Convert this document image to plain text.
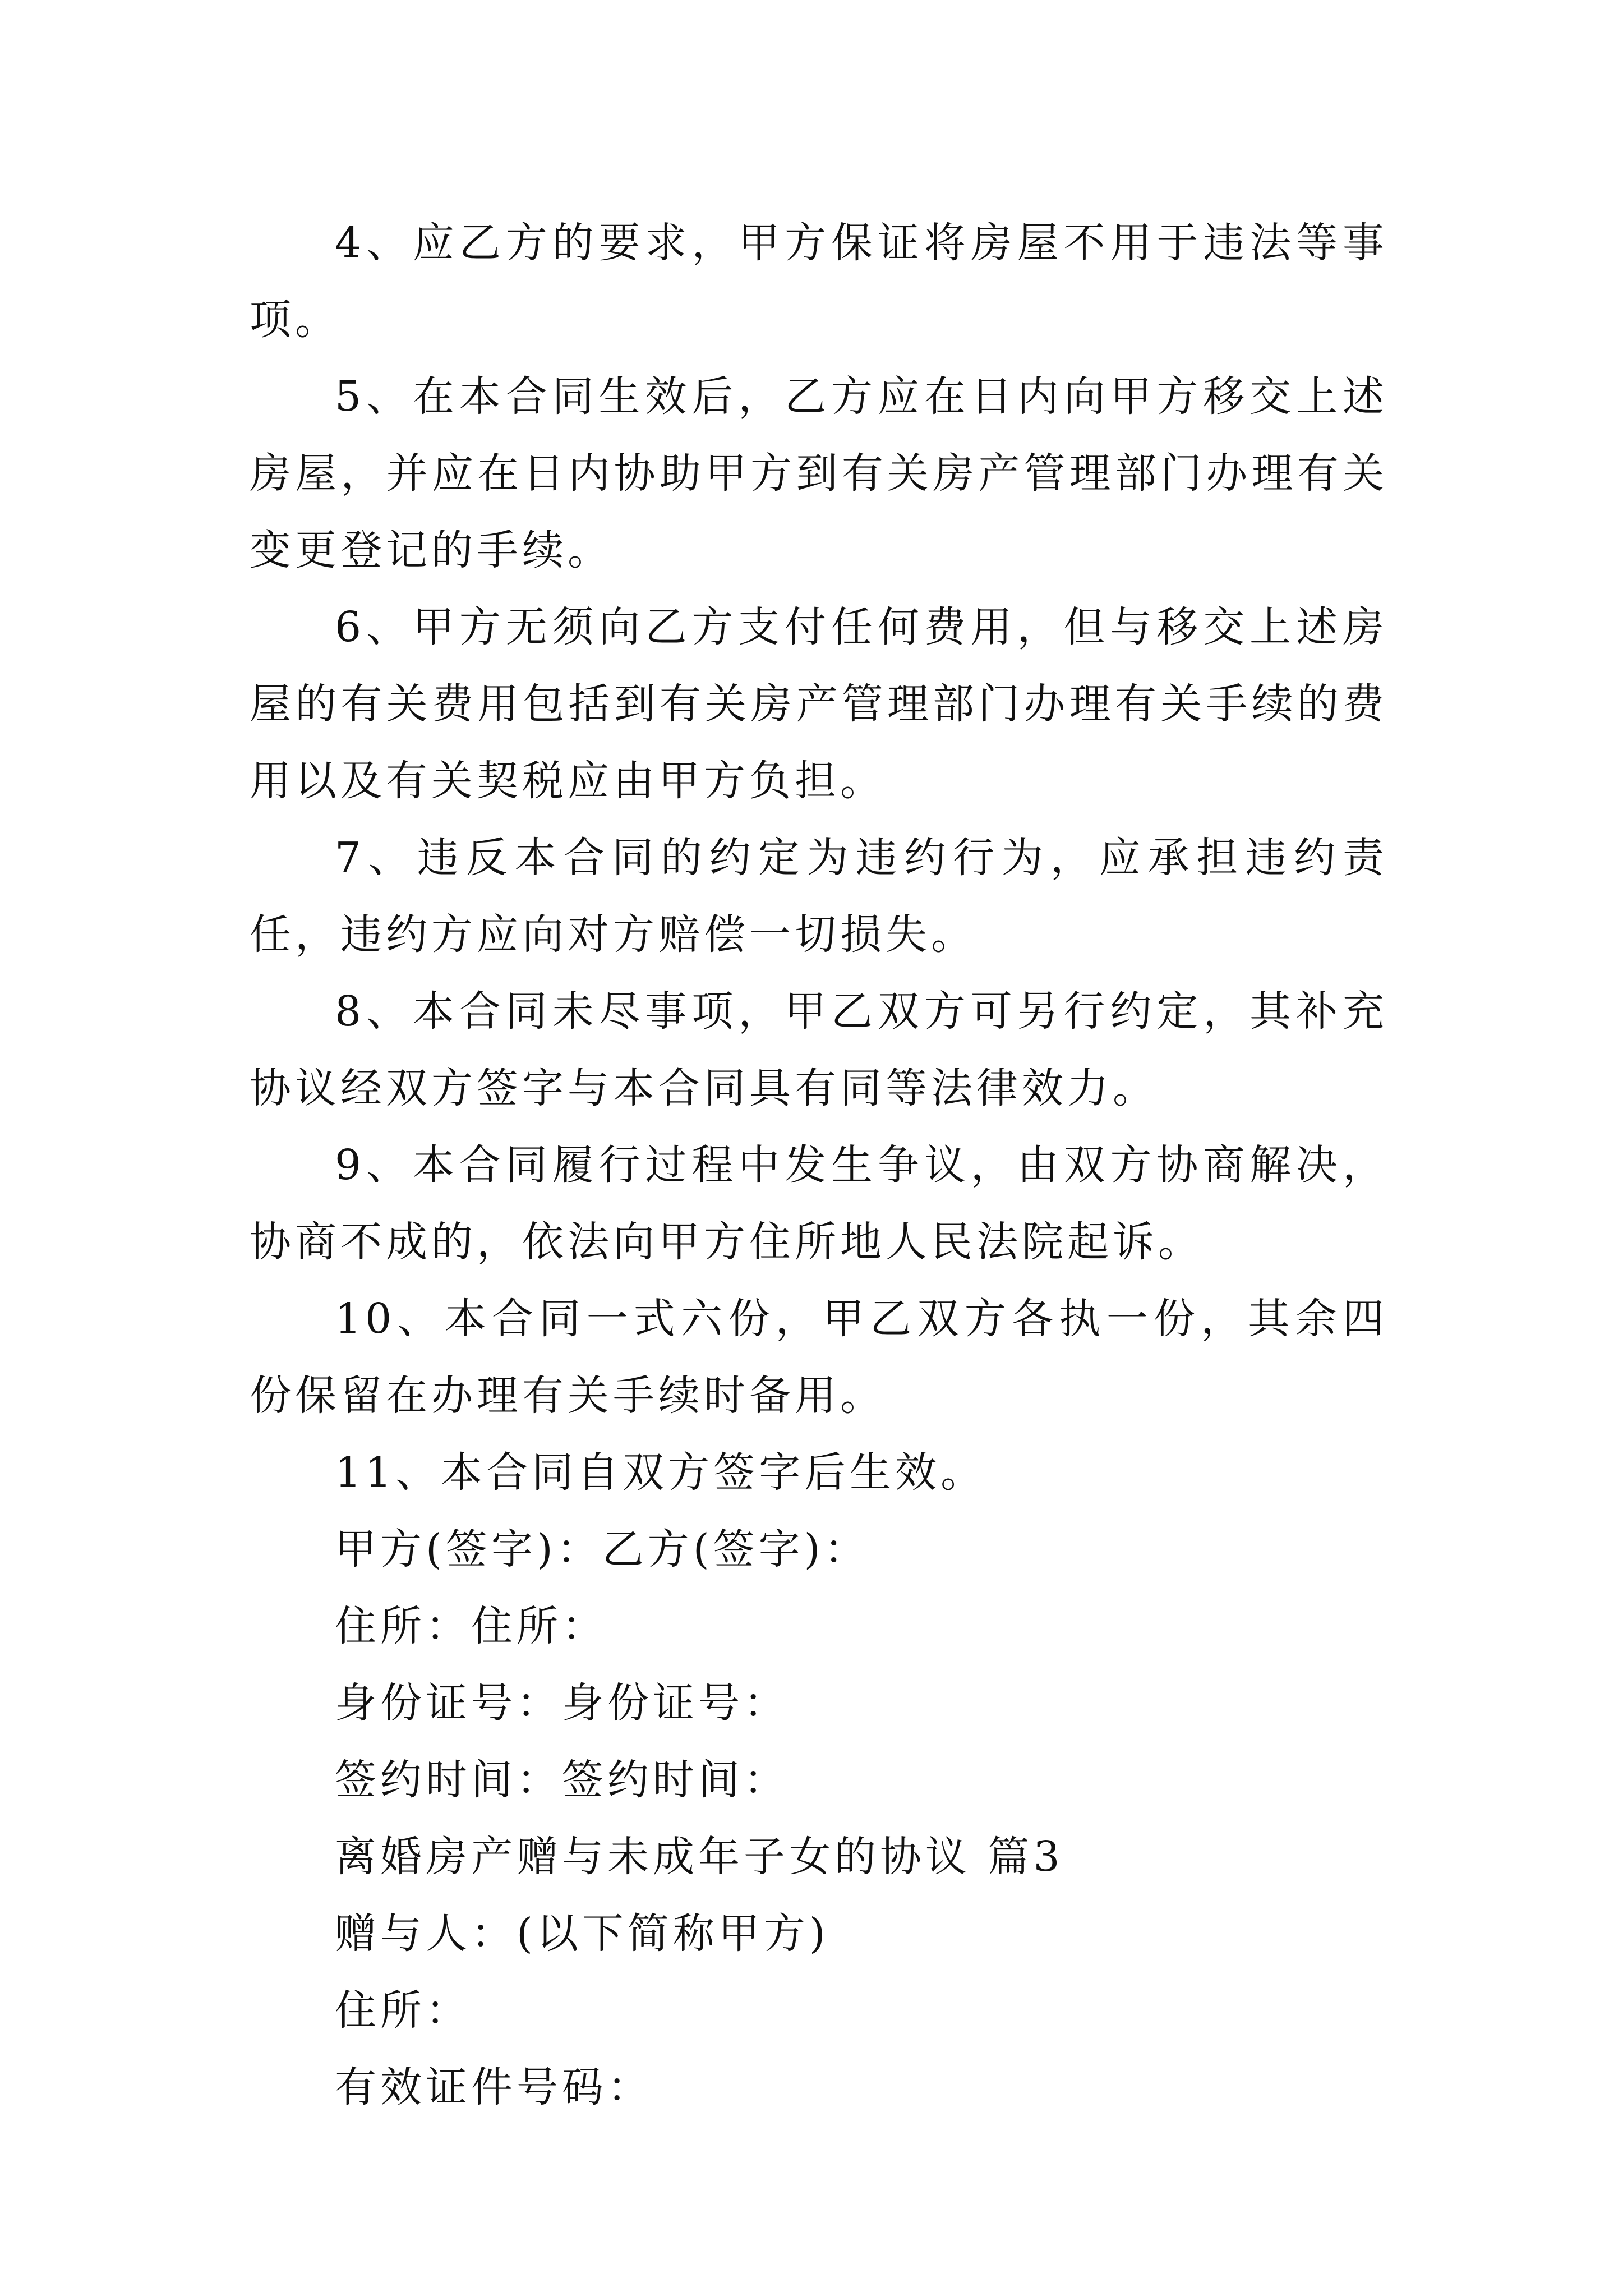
4、应乙方的要求，甲方保证将房屋不用于违法等事项。

5、在本合同生效后，乙方应在日内向甲方移交上述房屋，并应在日内协助甲方到有关房产管理部门办理有关变更登记的手续。

6、甲方无须向乙方支付任何费用，但与移交上述房屋的有关费用包括到有关房产管理部门办理有关手续的费用以及有关契税应由甲方负担。

7、违反本合同的约定为违约行为，应承担违约责任，违约方应向对方赔偿一切损失。

8、本合同未尽事项，甲乙双方可另行约定，其补充协议经双方签字与本合同具有同等法律效力。

9、本合同履行过程中发生争议，由双方协商解决，协商不成的，依法向甲方住所地人民法院起诉。

10、本合同一式六份，甲乙双方各执一份，其余四份保留在办理有关手续时备用。

11、本合同自双方签字后生效。

甲方(签字)：乙方(签字)：

住所：住所：

身份证号：身份证号：

签约时间：签约时间：

离婚房产赠与未成年子女的协议 篇3

赠与人：(以下简称甲方)

住所：

有效证件号码：
